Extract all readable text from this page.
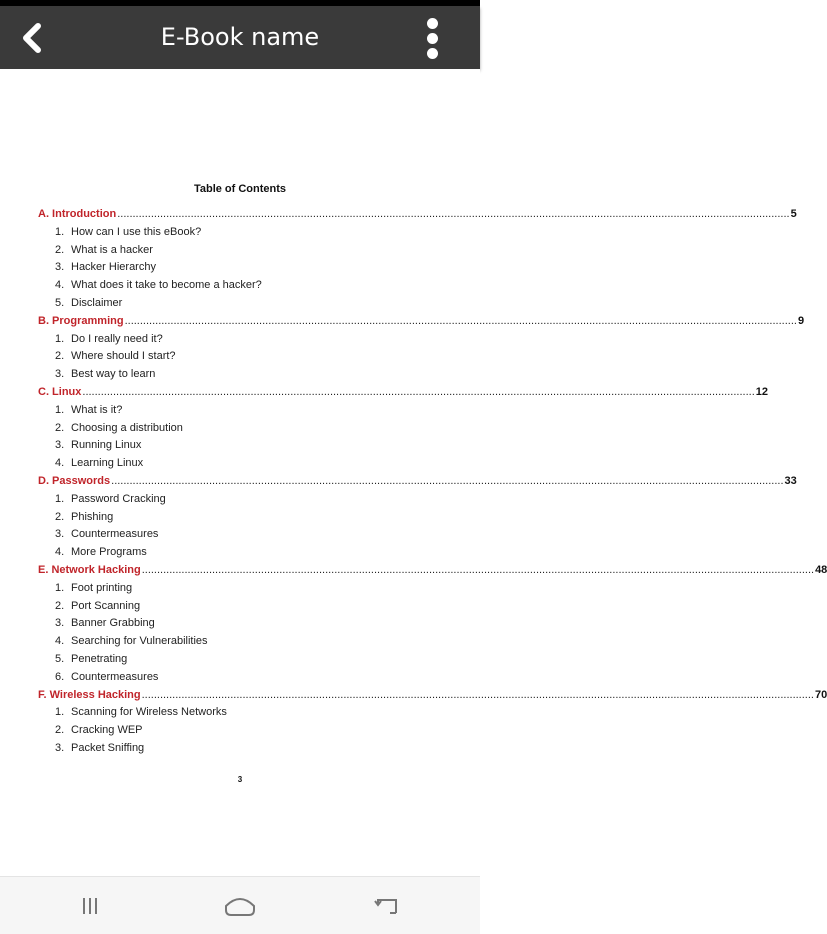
E-Book name
Table of Contents
A. Introduction ............................................................................................................................................................................................................................ 5
1. How can I use this eBook?
2. What is a hacker
3. Hacker Hierarchy
4. What does it take to become a hacker?
5. Disclaimer
B. Programming ............................................................................................................................................................................................................................ 9
1. Do I really need it?
2. Where should I start?
3. Best way to learn
C. Linux ............................................................................................................................................................................................................................ 12
1. What is it?
2. Choosing a distribution
3. Running Linux
4. Learning Linux
D. Passwords ............................................................................................................................................................................................................................ 33
1. Password Cracking
2. Phishing
3. Countermeasures
4. More Programs
E. Network Hacking ............................................................................................................................................................................................................................ 48
1. Foot printing
2. Port Scanning
3. Banner Grabbing
4. Searching for Vulnerabilities
5. Penetrating
6. Countermeasures
F. Wireless Hacking ............................................................................................................................................................................................................................ 70
1. Scanning for Wireless Networks
2. Cracking WEP
3. Packet Sniffing
3
